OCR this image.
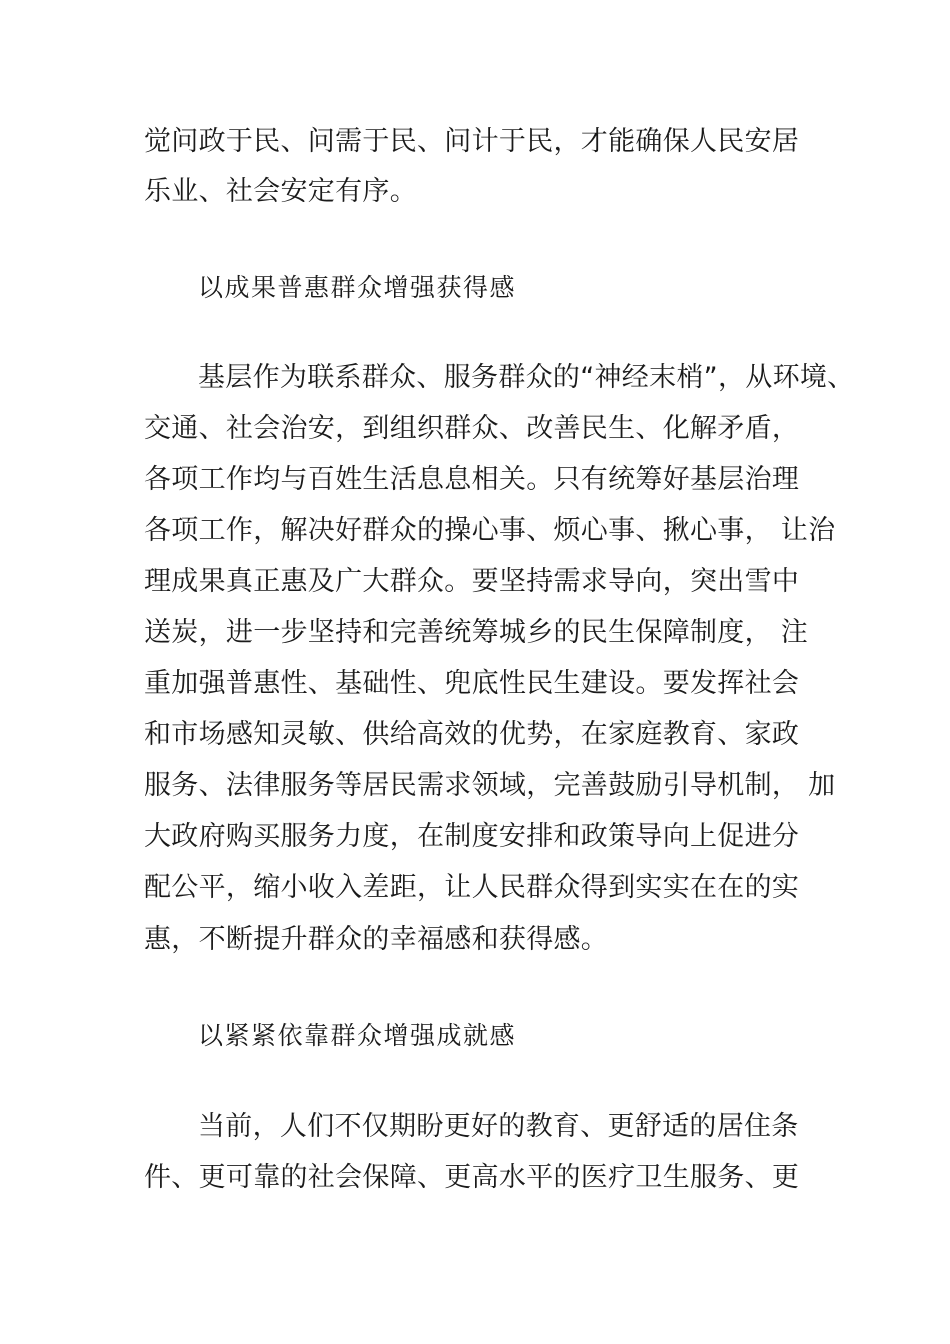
觉问政于民、问需于民、问计于民，才能确保人民安居
乐业、社会安定有序。
以成果普惠群众增强获得感
基层作为联系群众、服务群众的“神经末梢”，从环境、
交通、社会治安，到组织群众、改善民生、化解矛盾，
各项工作均与百姓生活息息相关。只有统筹好基层治理
各项工作，解决好群众的操心事、烦心事、揪心事， 让治
理成果真正惠及广大群众。要坚持需求导向，突出雪中
送炭，进一步坚持和完善统筹城乡的民生保障制度， 注
重加强普惠性、基础性、兜底性民生建设。要发挥社会
和市场感知灵敏、供给高效的优势，在家庭教育、家政
服务、法律服务等居民需求领域，完善鼓励引导机制， 加
大政府购买服务力度，在制度安排和政策导向上促进分
配公平，缩小收入差距，让人民群众得到实实在在的实
惠，不断提升群众的幸福感和获得感。
以紧紧依靠群众增强成就感
当前，人们不仅期盼更好的教育、更舒适的居住条
件、更可靠的社会保障、更高水平的医疗卫生服务、更
